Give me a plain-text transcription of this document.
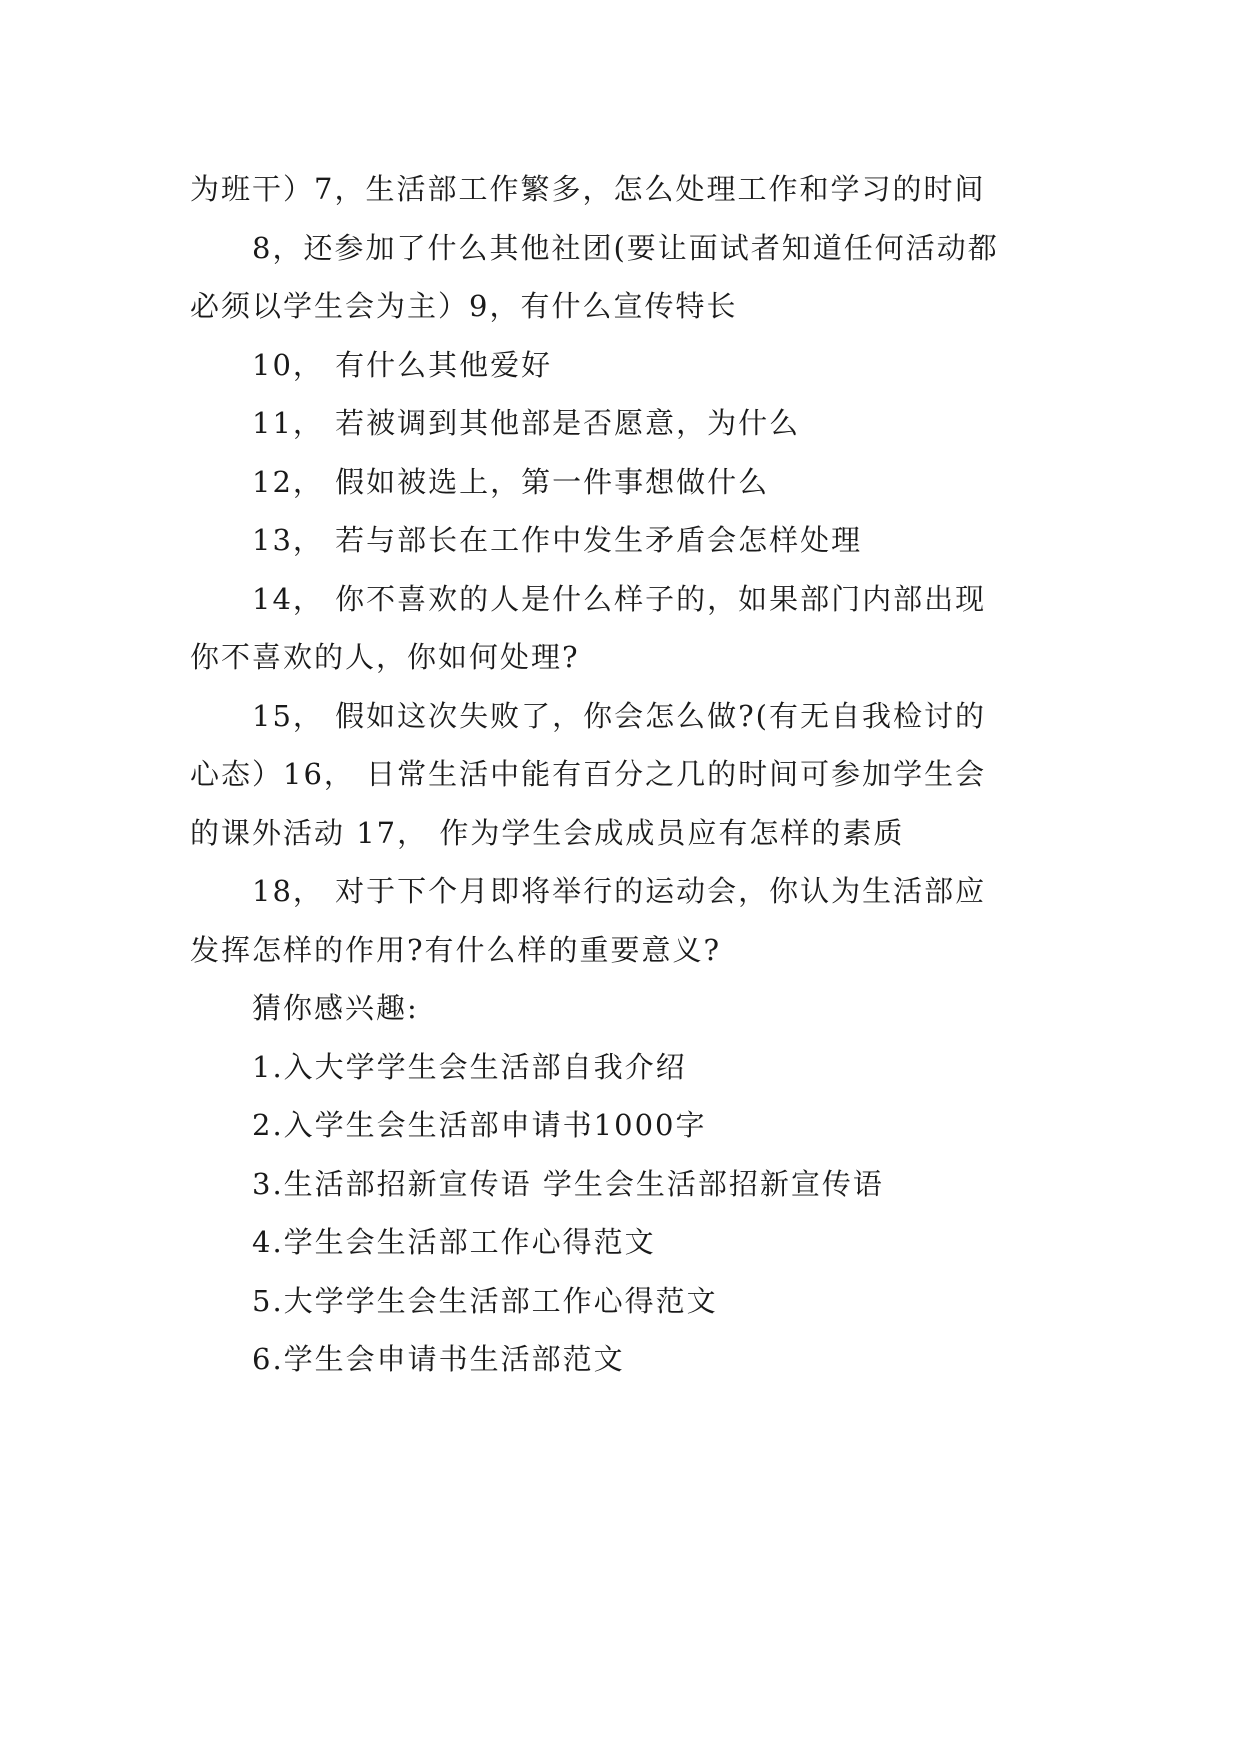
为班干）7，生活部工作繁多，怎么处理工作和学习的时间

8，还参加了什么其他社团(要让面试者知道任何活动都
必须以学生会为主）9，有什么宣传特长

10， 有什么其他爱好

11， 若被调到其他部是否愿意，为什么

12， 假如被选上，第一件事想做什么

13， 若与部长在工作中发生矛盾会怎样处理

14， 你不喜欢的人是什么样子的，如果部门内部出现
你不喜欢的人，你如何处理?

15， 假如这次失败了，你会怎么做?(有无自我检讨的
心态）16， 日常生活中能有百分之几的时间可参加学生会
的课外活动 17， 作为学生会成成员应有怎样的素质

18， 对于下个月即将举行的运动会，你认为生活部应
发挥怎样的作用?有什么样的重要意义?

猜你感兴趣:

1.入大学学生会生活部自我介绍

2.入学生会生活部申请书1000字

3.生活部招新宣传语 学生会生活部招新宣传语

4.学生会生活部工作心得范文

5.大学学生会生活部工作心得范文

6.学生会申请书生活部范文
